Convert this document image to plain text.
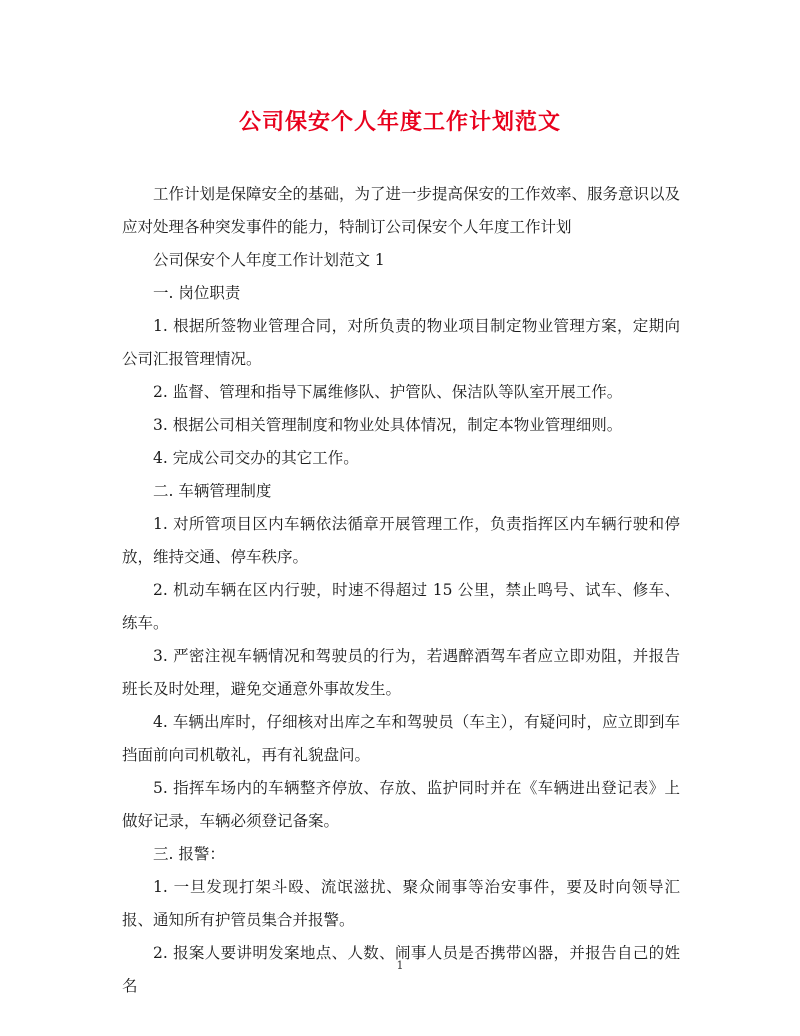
公司保安个人年度工作计划范文

工作计划是保障安全的基础，为了进一步提高保安的工作效率、服务意识以及应对处理各种突发事件的能力，特制订公司保安个人年度工作计划

公司保安个人年度工作计划范文 1

一. 岗位职责

1. 根据所签物业管理合同，对所负责的物业项目制定物业管理方案，定期向公司汇报管理情况。

2. 监督、管理和指导下属维修队、护管队、保洁队等队室开展工作。

3. 根据公司相关管理制度和物业处具体情况，制定本物业管理细则。

4. 完成公司交办的其它工作。

二. 车辆管理制度

1. 对所管项目区内车辆依法循章开展管理工作，负责指挥区内车辆行驶和停放，维持交通、停车秩序。

2. 机动车辆在区内行驶，时速不得超过 15 公里，禁止鸣号、试车、修车、练车。

3. 严密注视车辆情况和驾驶员的行为，若遇醉酒驾车者应立即劝阻，并报告班长及时处理，避免交通意外事故发生。

4. 车辆出库时，仔细核对出库之车和驾驶员（车主），有疑问时，应立即到车挡面前向司机敬礼，再有礼貌盘问。

5. 指挥车场内的车辆整齐停放、存放、监护同时并在《车辆进出登记表》上做好记录，车辆必须登记备案。

三. 报警：

1. 一旦发现打架斗殴、流氓滋扰、聚众闹事等治安事件，要及时向领导汇报、通知所有护管员集合并报警。

2. 报案人要讲明发案地点、人数、闹事人员是否携带凶器，并报告自己的姓名

1
